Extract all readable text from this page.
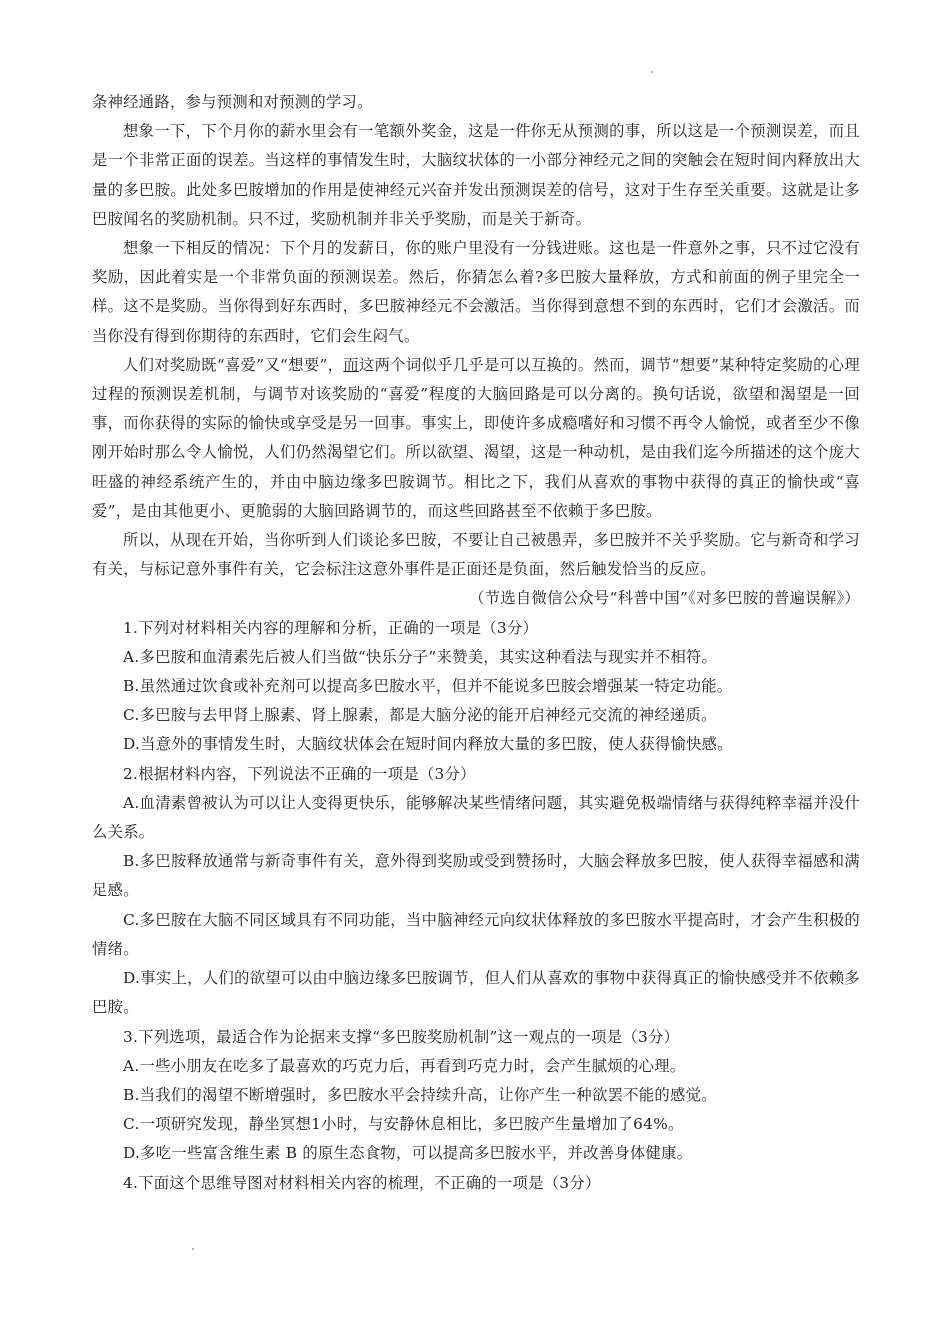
条神经通路，参与预测和对预测的学习。

想象一下，下个月你的薪水里会有一笔额外奖金，这是一件你无从预测的事，所以这是一个预测误差，而且是一个非常正面的误差。当这样的事情发生时，大脑纹状体的一小部分神经元之间的突触会在短时间内释放出大量的多巴胺。此处多巴胺增加的作用是使神经元兴奋并发出预测误差的信号，这对于生存至关重要。这就是让多巴胺闻名的奖励机制。只不过，奖励机制并非关乎奖励，而是关于新奇。

想象一下相反的情况：下个月的发薪日，你的账户里没有一分钱进账。这也是一件意外之事，只不过它没有奖励，因此着实是一个非常负面的预测误差。然后，你猜怎么着?多巴胺大量释放，方式和前面的例子里完全一样。这不是奖励。当你得到好东西时，多巴胺神经元不会激活。当你得到意想不到的东西时，它们才会激活。而当你没有得到你期待的东西时，它们会生闷气。

人们对奖励既“喜爱”又“想要”，而这两个词似乎几乎是可以互换的。然而，调节“想要”某种特定奖励的心理过程的预测误差机制，与调节对该奖励的“喜爱”程度的大脑回路是可以分离的。换句话说，欲望和渴望是一回事，而你获得的实际的愉快或享受是另一回事。事实上，即使许多成瘾嗜好和习惯不再令人愉悦，或者至少不像刚开始时那么令人愉悦，人们仍然渴望它们。所以欲望、渴望，这是一种动机，是由我们迄今所描述的这个庞大旺盛的神经系统产生的，并由中脑边缘多巴胺调节。相比之下，我们从喜欢的事物中获得的真正的愉快或“喜爱”，是由其他更小、更脆弱的大脑回路调节的，而这些回路甚至不依赖于多巴胺。

所以，从现在开始，当你听到人们谈论多巴胺，不要让自己被愚弄，多巴胺并不关乎奖励。它与新奇和学习有关，与标记意外事件有关，它会标注这意外事件是正面还是负面，然后触发恰当的反应。

（节选自微信公众号“科普中国”《对多巴胺的普遍误解》）

1.下列对材料相关内容的理解和分析，正确的一项是（3分）

A.多巴胺和血清素先后被人们当做“快乐分子”来赞美，其实这种看法与现实并不相符。

B.虽然通过饮食或补充剂可以提高多巴胺水平，但并不能说多巴胺会增强某一特定功能。

C.多巴胺与去甲肾上腺素、肾上腺素，都是大脑分泌的能开启神经元交流的神经递质。

D.当意外的事情发生时，大脑纹状体会在短时间内释放大量的多巴胺，使人获得愉快感。

2.根据材料内容，下列说法不正确的一项是（3分）

A.血清素曾被认为可以让人变得更快乐，能够解决某些情绪问题，其实避免极端情绪与获得纯粹幸福并没什么关系。

B.多巴胺释放通常与新奇事件有关，意外得到奖励或受到赞扬时，大脑会释放多巴胺，使人获得幸福感和满足感。

C.多巴胺在大脑不同区域具有不同功能，当中脑神经元向纹状体释放的多巴胺水平提高时，才会产生积极的情绪。

D.事实上，人们的欲望可以由中脑边缘多巴胺调节，但人们从喜欢的事物中获得真正的愉快感受并不依赖多巴胺。

3.下列选项，最适合作为论据来支撑“多巴胺奖励机制”这一观点的一项是（3分）

A.一些小朋友在吃多了最喜欢的巧克力后，再看到巧克力时，会产生腻烦的心理。

B.当我们的渴望不断增强时，多巴胺水平会持续升高，让你产生一种欲罢不能的感觉。

C.一项研究发现，静坐冥想1小时，与安静休息相比，多巴胺产生量增加了64%。

D.多吃一些富含维生素 B 的原生态食物，可以提高多巴胺水平，并改善身体健康。

4.下面这个思维导图对材料相关内容的梳理，不正确的一项是（3分）
